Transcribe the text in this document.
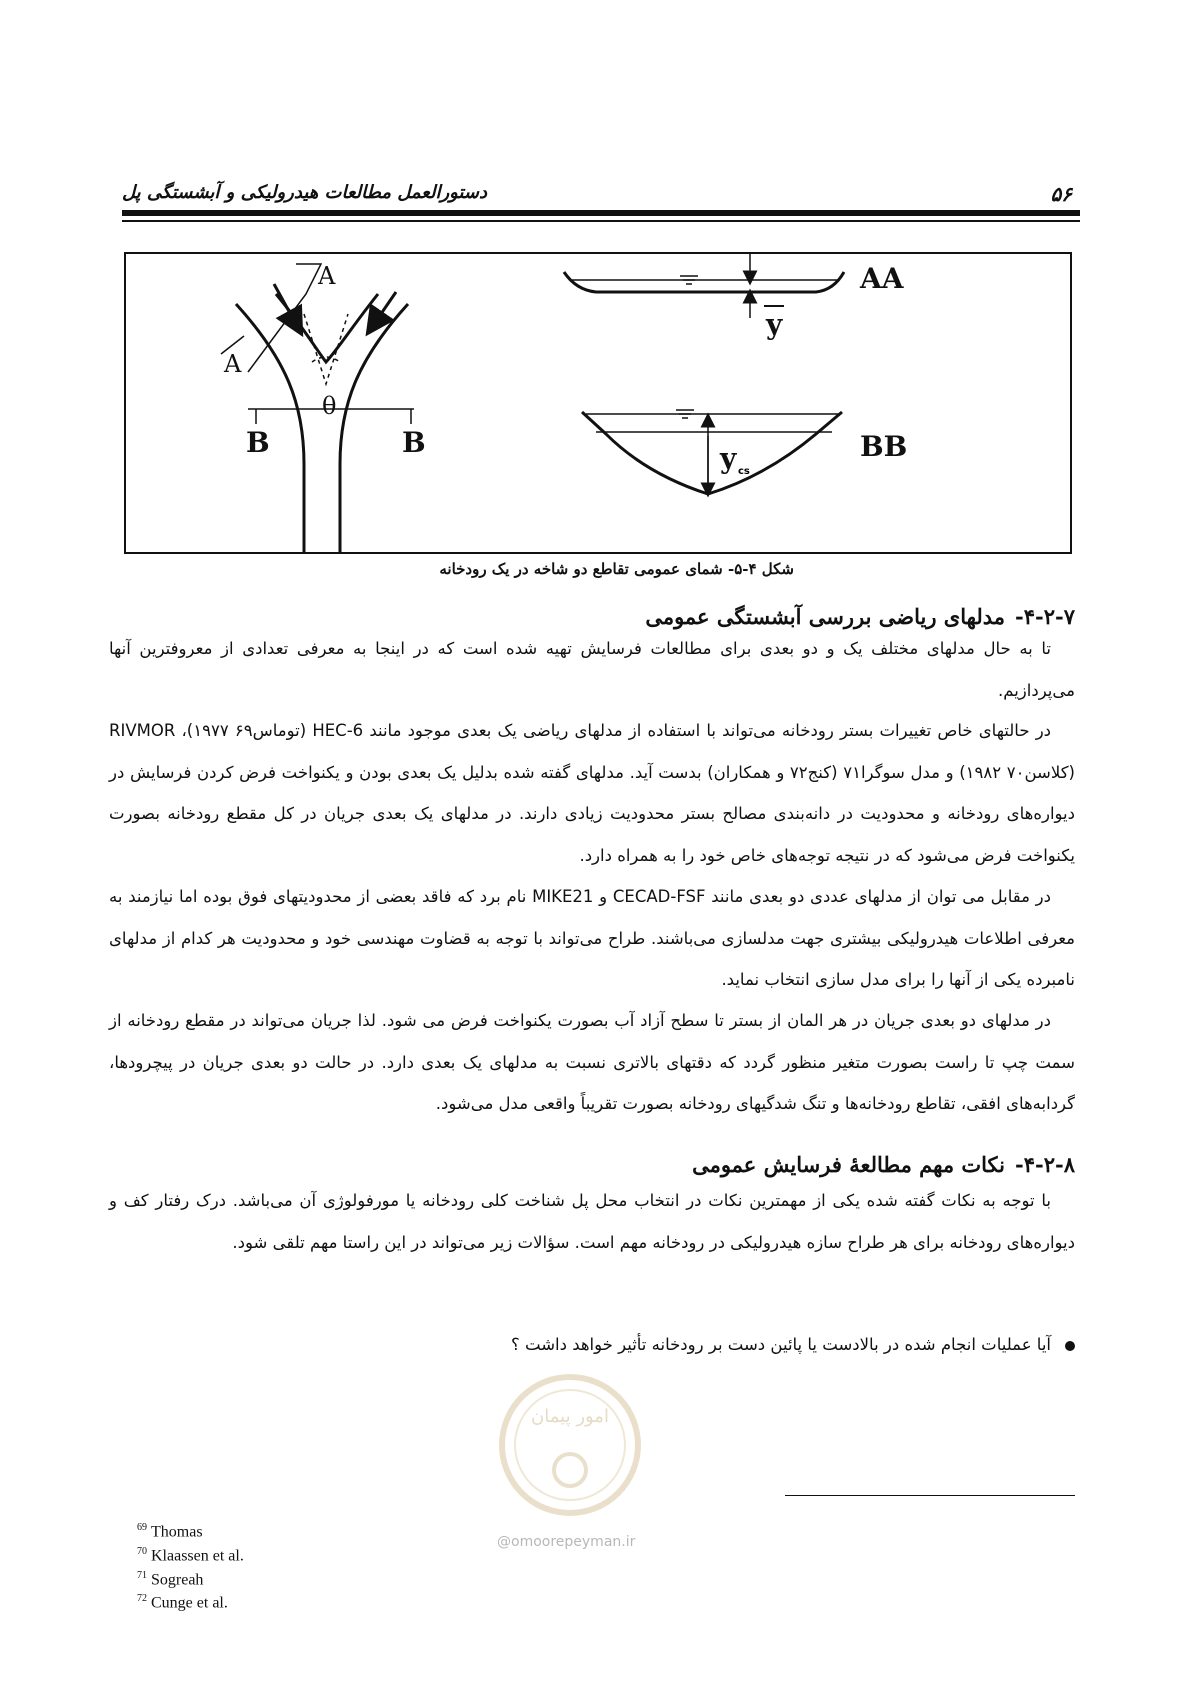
۵۶
دستورالعمل مطالعات هیدرولیکی و آبشستگی پل
A
A
B	B
θ
AA
y
y cs
BB
شکل ۴-۵- شمای عمومی تقاطع دو شاخه در یک رودخانه
۴-۲-۷-مدلهای ریاضی بررسی آبشستگی عمومی
تا به حال مدلهای مختلف یک و دو بعدی برای مطالعات فرسایش تهیه شده است که در اینجا به معرفی تعدادی از معروفترین آنها می‌پردازیم.
در حالتهای خاص تغییرات بستر رودخانه می‌تواند با استفاده از مدلهای ریاضی یک بعدی موجود مانند HEC-6 (توماس۶۹ ۱۹۷۷)، RIVMOR (کلاسن۷۰ ۱۹۸۲) و مدل سوگرا۷۱ (کنج۷۲ و همکاران) بدست آید. مدلهای گفته شده بدلیل یک بعدی بودن و یکنواخت فرض کردن فرسایش در دیواره‌های رودخانه و محدودیت در دانه‌بندی مصالح بستر محدودیت زیادی دارند. در مدلهای یک بعدی جریان در کل مقطع رودخانه بصورت یکنواخت فرض می‌شود که در نتیجه توجه‌های خاص خود را به همراه دارد.
در مقابل می توان از مدلهای عددی دو بعدی مانند CECAD-FSF و MIKE21 نام برد که فاقد بعضی از محدودیتهای فوق بوده اما نیازمند به معرفی اطلاعات هیدرولیکی بیشتری جهت مدلسازی می‌باشند. طراح می‌تواند با توجه به قضاوت مهندسی خود و محدودیت هر کدام از مدلهای نامبرده یکی از آنها را برای مدل سازی انتخاب نماید.
در مدلهای دو بعدی جریان در هر المان از بستر تا سطح آزاد آب بصورت یکنواخت فرض می شود. لذا جریان می‌تواند در مقطع رودخانه از سمت چپ تا راست بصورت متغیر منظور گردد که دقتهای بالاتری نسبت به مدلهای یک بعدی دارد. در حالت دو بعدی جریان در پیچرودها، گردابه‌های افقی، تقاطع رودخانه‌ها و تنگ شدگیهای رودخانه بصورت تقریباً واقعی مدل می‌شود.
۴-۲-۸-نکات مهم مطالعهٔ فرسایش عمومی
با توجه به نکات گفته شده یکی از مهمترین نکات در انتخاب محل پل شناخت کلی رودخانه یا مورفولوژی آن می‌باشد. درک رفتار کف و دیواره‌های رودخانه برای هر طراح سازه هیدرولیکی در رودخانه مهم است. سؤالات زیر می‌تواند در این راستا مهم تلقی شود.
آیا عملیات انجام شده در بالادست یا پائین دست بر رودخانه تأثیر خواهد داشت ؟
امور پیمان
@omoorepeyman.ir
$^{69}$ Thomas
$^{70}$ Klaassen et al.
$^{71}$ Sogreah
$^{72}$ Cunge et al.
